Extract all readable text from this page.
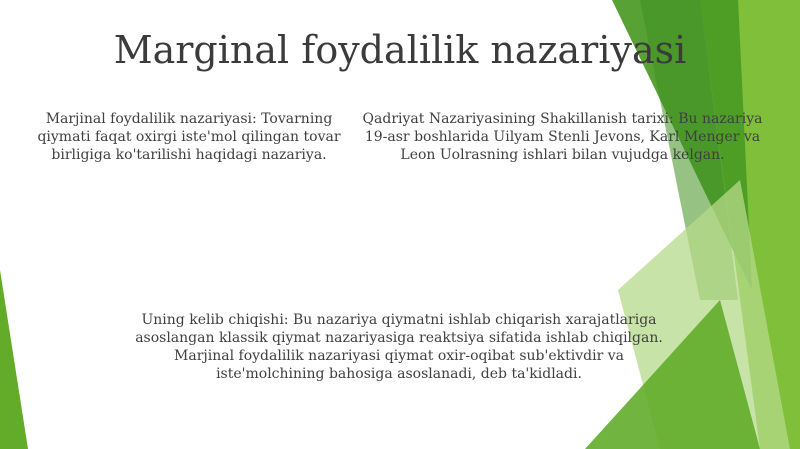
Marginal foydalilik nazariyasi
Marjinal foydalilik nazariyasi: Tovarning
qiymati faqat oxirgi iste'mol qilingan tovar
birligiga ko'tarilishi haqidagi nazariya.
Qadriyat Nazariyasining Shakillanish tarixi: Bu nazariya
19-asr boshlarida Uilyam Stenli Jevons, Karl Menger va
Leon Uolrasning ishlari bilan vujudga kelgan.
Uning kelib chiqishi: Bu nazariya qiymatni ishlab chiqarish xarajatlariga
asoslangan klassik qiymat nazariyasiga reaktsiya sifatida ishlab chiqilgan.
Marjinal foydalilik nazariyasi qiymat oxir-oqibat sub'ektivdir va
iste'molchining bahosiga asoslanadi, deb ta'kidladi.
